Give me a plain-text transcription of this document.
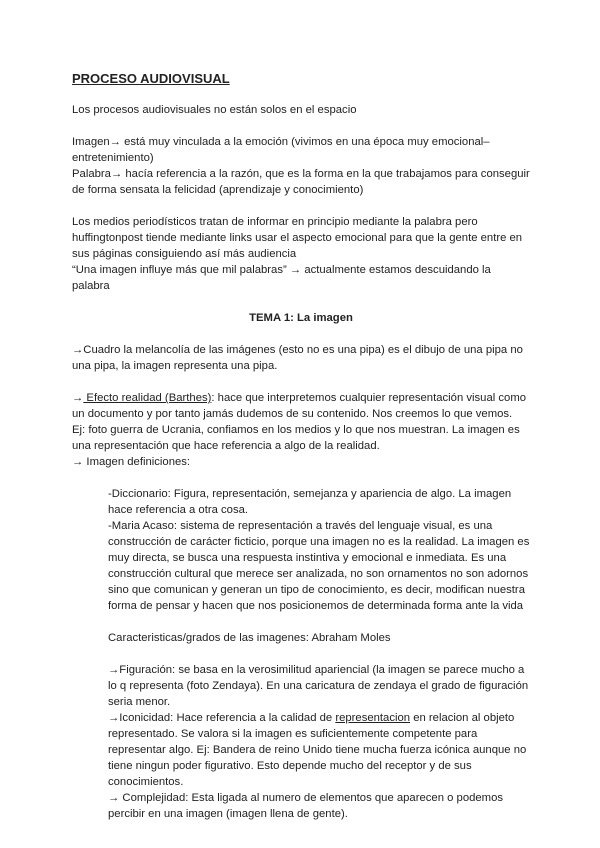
PROCESO AUDIOVISUAL

Los procesos audiovisuales no están solos en el espacio

Imagen→ está muy vinculada a la emoción (vivimos en una época muy emocional– entretenimiento)

Palabra→ hacía referencia a la razón, que es la forma en la que trabajamos para conseguir de forma sensata la felicidad (aprendizaje y conocimiento)

Los medios periodísticos tratan de informar en principio mediante la palabra pero huffingtonpost tiende mediante links usar el aspecto emocional para que la gente entre en sus páginas consiguiendo así más audiencia

“Una imagen influye más que mil palabras” → actualmente estamos descuidando la palabra

TEMA 1: La imagen

→Cuadro la melancolía de las imágenes (esto no es una pipa) es el dibujo de una pipa no una pipa, la imagen representa una pipa.

→ Efecto realidad (Barthes): hace que interpretemos cualquier representación visual como un documento y por tanto jamás dudemos de su contenido. Nos creemos lo que vemos.

Ej: foto guerra de Ucrania, confiamos en los medios y lo que nos muestran. La imagen es una representación que hace referencia a algo de la realidad.

→ Imagen definiciones:

-Diccionario: Figura, representación, semejanza y apariencia de algo. La imagen hace referencia a otra cosa.

-Maria Acaso: sistema de representación a través del lenguaje visual, es una construcción de carácter ficticio, porque una imagen no es la realidad. La imagen es muy directa, se busca una respuesta instintiva y emocional e inmediata. Es una construcción cultural que merece ser analizada, no son ornamentos no son adornos sino que comunican y generan un tipo de conocimiento, es decir, modifican nuestra forma de pensar y hacen que nos posicionemos de determinada forma ante la vida

Caracteristicas/grados de las imagenes: Abraham Moles

→Figuración: se basa en la verosimilitud apariencial (la imagen se parece mucho a lo q representa (foto Zendaya). En una caricatura de zendaya el grado de figuración seria menor.

→Iconicidad: Hace referencia a la calidad de representacion en relacion al objeto representado. Se valora si la imagen es suficientemente competente para representar algo. Ej: Bandera de reino Unido tiene mucha fuerza icónica aunque no tiene ningun poder figurativo. Esto depende mucho del receptor y de sus conocimientos.

→ Complejidad: Esta ligada al numero de elementos que aparecen o podemos percibir en una imagen (imagen llena de gente).
